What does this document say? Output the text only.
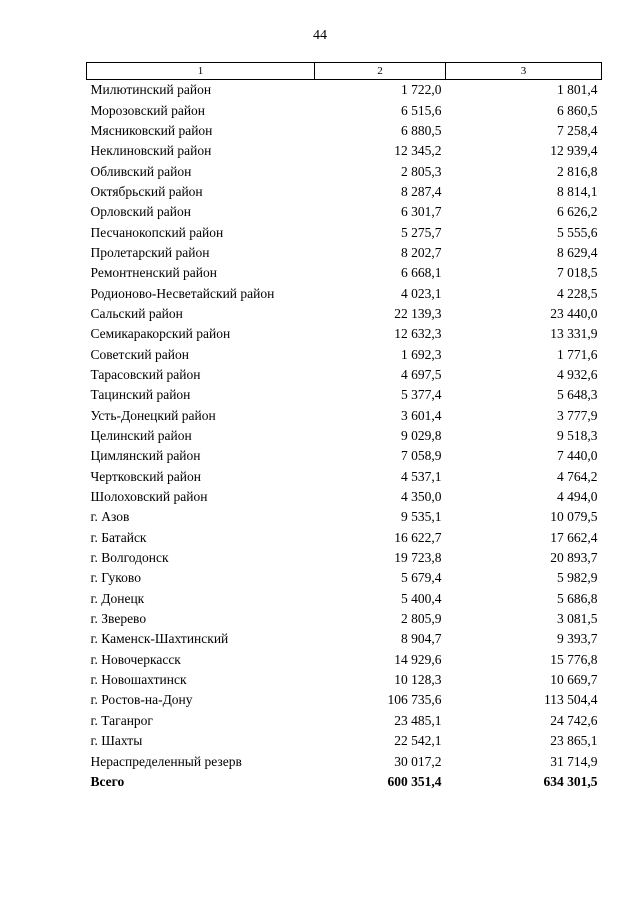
44
1	2	3
Милютинский район	1 722,0	1 801,4
Морозовский район	6 515,6	6 860,5
Мясниковский район	6 880,5	7 258,4
Неклиновский район	12 345,2	12 939,4
Обливский район	2 805,3	2 816,8
Октябрьский район	8 287,4	8 814,1
Орловский район	6 301,7	6 626,2
Песчанокопский район	5 275,7	5 555,6
Пролетарский район	8 202,7	8 629,4
Ремонтненский район	6 668,1	7 018,5
Родионово-Несветайский район	4 023,1	4 228,5
Сальский район	22 139,3	23 440,0
Семикаракорский район	12 632,3	13 331,9
Советский район	1 692,3	1 771,6
Тарасовский район	4 697,5	4 932,6
Тацинский район	5 377,4	5 648,3
Усть-Донецкий район	3 601,4	3 777,9
Целинский район	9 029,8	9 518,3
Цимлянский район	7 058,9	7 440,0
Чертковский район	4 537,1	4 764,2
Шолоховский район	4 350,0	4 494,0
г. Азов	9 535,1	10 079,5
г. Батайск	16 622,7	17 662,4
г. Волгодонск	19 723,8	20 893,7
г. Гуково	5 679,4	5 982,9
г. Донецк	5 400,4	5 686,8
г. Зверево	2 805,9	3 081,5
г. Каменск-Шахтинский	8 904,7	9 393,7
г. Новочеркасск	14 929,6	15 776,8
г. Новошахтинск	10 128,3	10 669,7
г. Ростов-на-Дону	106 735,6	113 504,4
г. Таганрог	23 485,1	24 742,6
г. Шахты	22 542,1	23 865,1
Нераспределенный резерв	30 017,2	31 714,9
Всего	600 351,4	634 301,5
